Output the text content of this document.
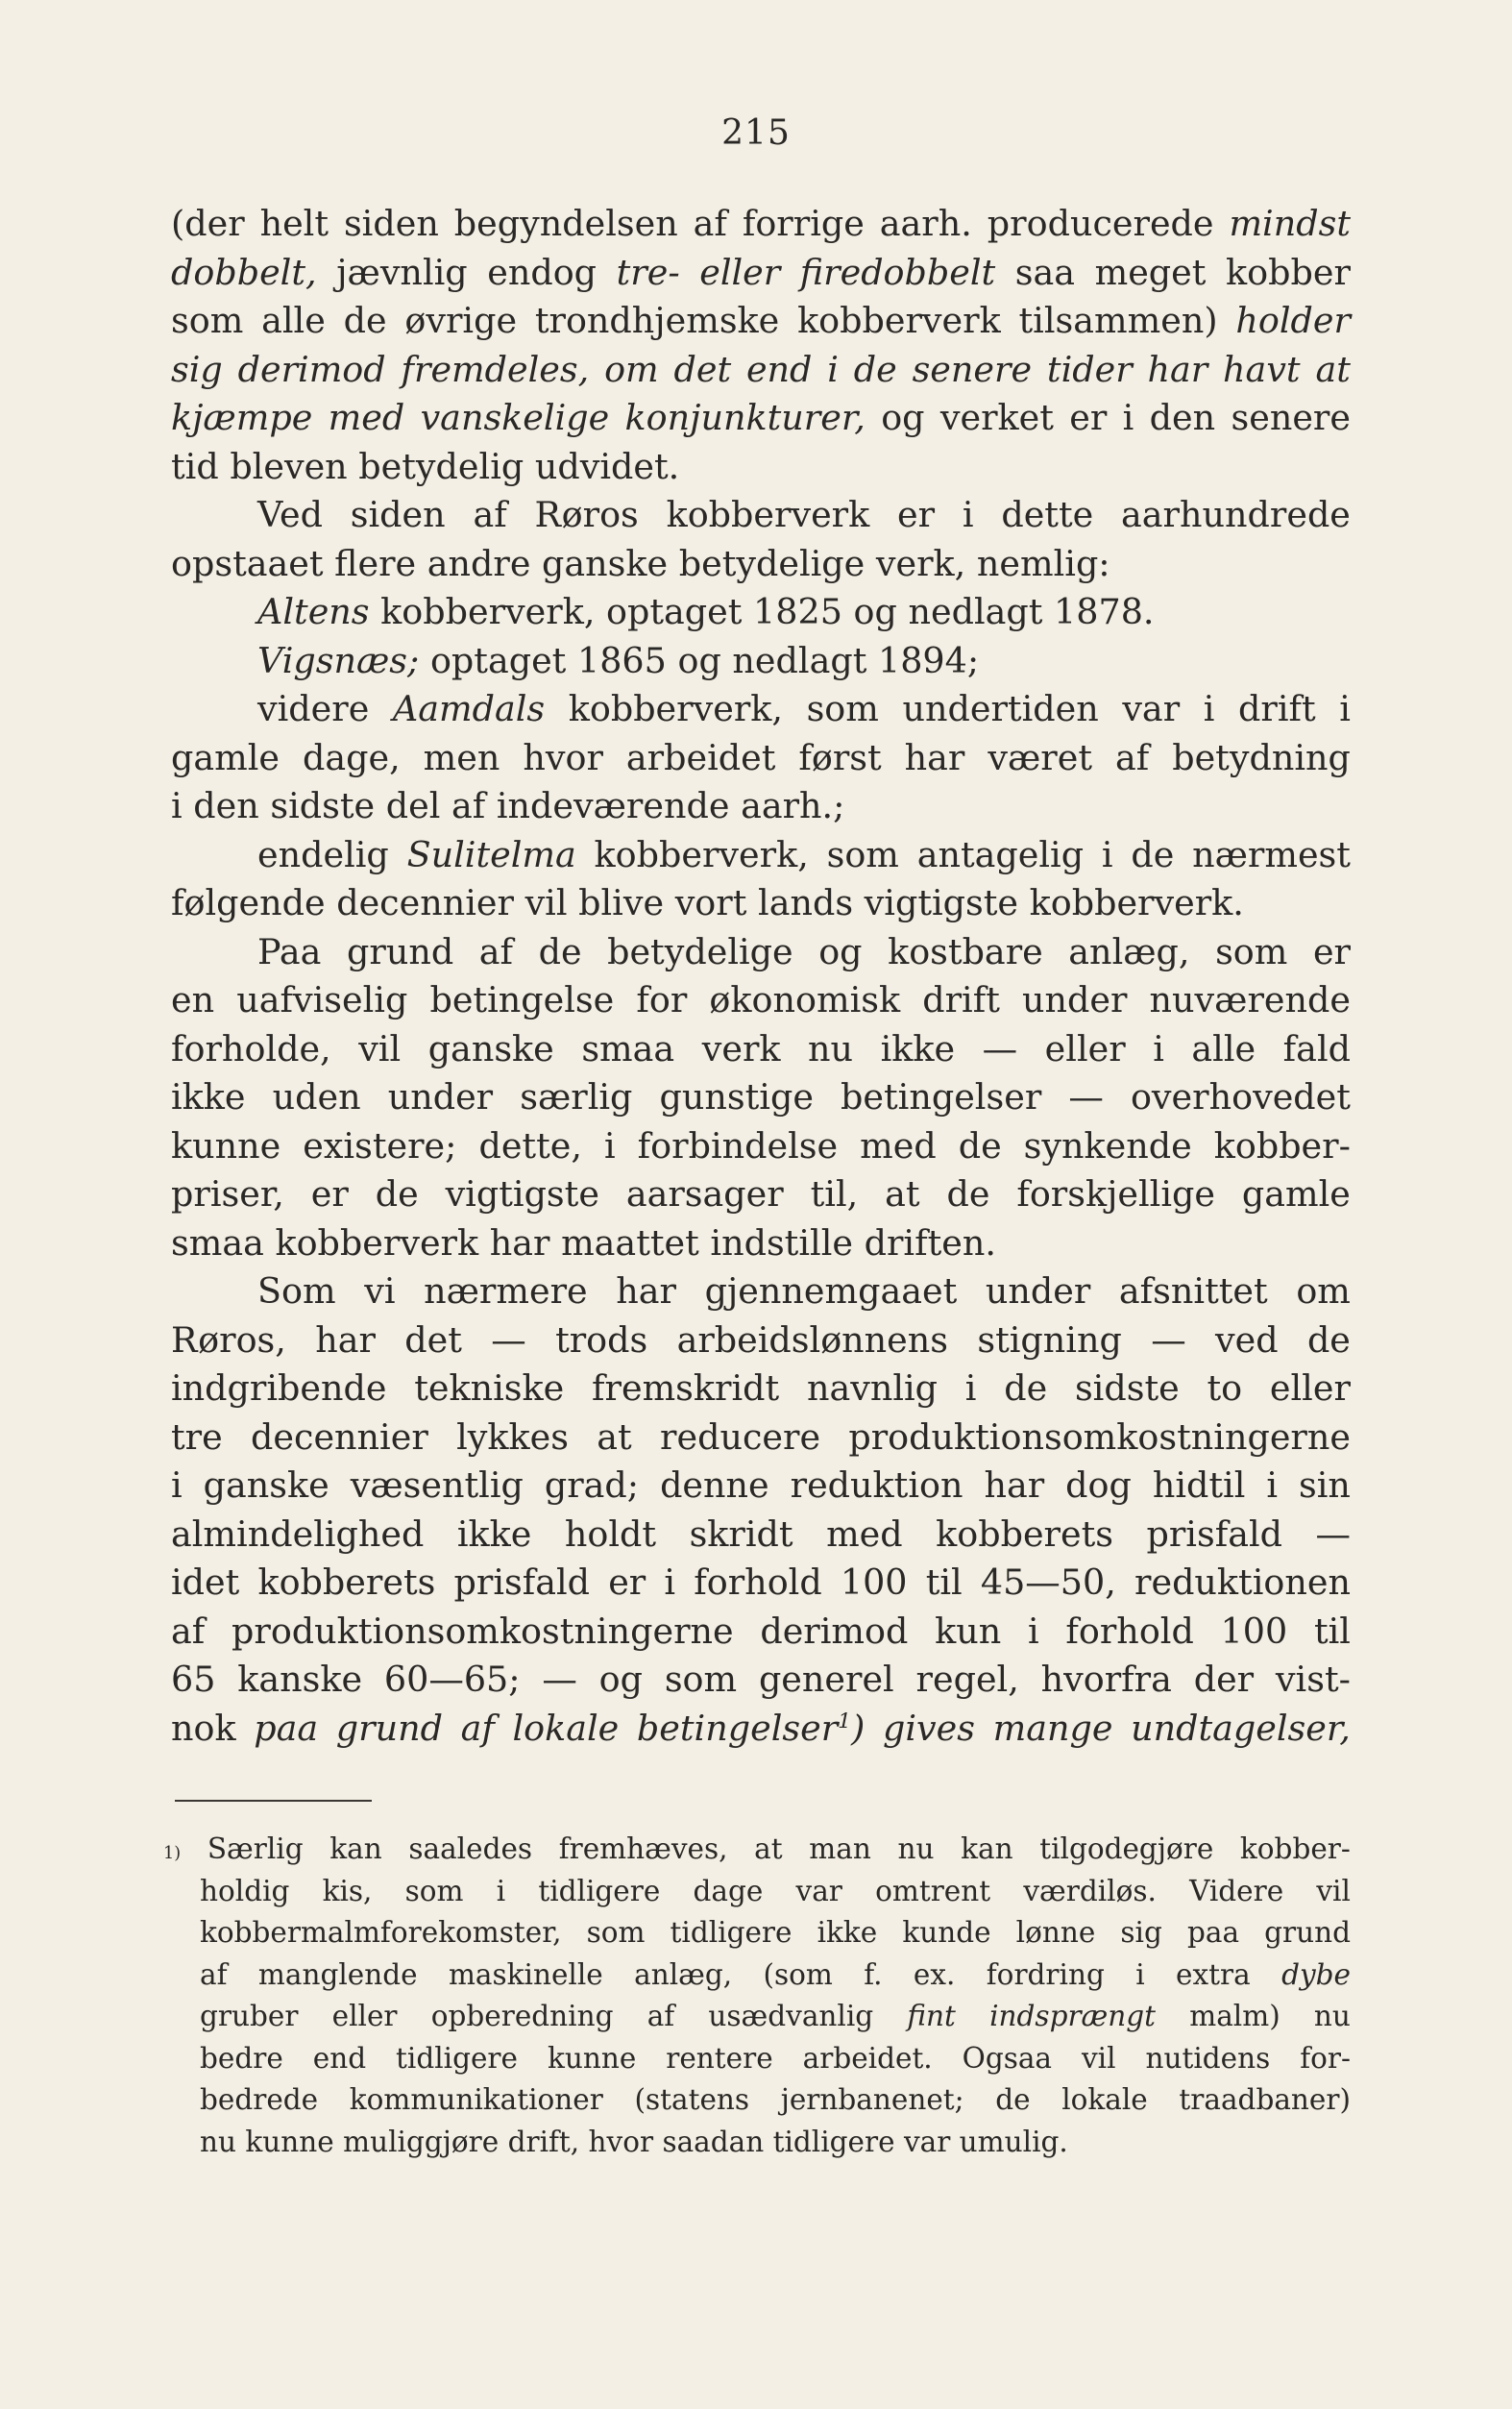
215
(der helt siden begyndelsen af forrige aarh. producerede mindst
dobbelt, jævnlig endog tre- eller firedobbelt saa meget kobber
som alle de øvrige trondhjemske kobberverk tilsammen) holder
sig derimod fremdeles, om det end i de senere tider har havt at
kjæmpe med vanskelige konjunkturer, og verket er i den senere
tid bleven betydelig udvidet.
Ved siden af Røros kobberverk er i dette aarhundrede
opstaaet flere andre ganske betydelige verk, nemlig:
Altens kobberverk, optaget 1825 og nedlagt 1878.
Vigsnæs; optaget 1865 og nedlagt 1894;
videre Aamdals kobberverk, som undertiden var i drift i
gamle dage, men hvor arbeidet først har været af betydning
i den sidste del af indeværende aarh.;
endelig Sulitelma kobberverk, som antagelig i de nærmest
følgende decennier vil blive vort lands vigtigste kobberverk.
Paa grund af de betydelige og kostbare anlæg, som er
en uafviselig betingelse for økonomisk drift under nuværende
forholde, vil ganske smaa verk nu ikke — eller i alle fald
ikke uden under særlig gunstige betingelser — overhovedet
kunne existere; dette, i forbindelse med de synkende kobber-
priser, er de vigtigste aarsager til, at de forskjellige gamle
smaa kobberverk har maattet indstille driften.
Som vi nærmere har gjennemgaaet under afsnittet om
Røros, har det — trods arbeidslønnens stigning — ved de
indgribende tekniske fremskridt navnlig i de sidste to eller
tre decennier lykkes at reducere produktionsomkostningerne
i ganske væsentlig grad; denne reduktion har dog hidtil i sin
almindelighed ikke holdt skridt med kobberets prisfald —
idet kobberets prisfald er i forhold 100 til 45—50, reduktionen
af produktionsomkostningerne derimod kun i forhold 100 til
65 kanske 60—65; — og som generel regel, hvorfra der vist-
nok paa grund af lokale betingelser$^1$) gives mange undtagelser,
1) Særlig kan saaledes fremhæves, at man nu kan tilgodegjøre kobber-
holdig kis, som i tidligere dage var omtrent værdiløs. Videre vil
kobbermalmforekomster, som tidligere ikke kunde lønne sig paa grund
af manglende maskinelle anlæg, (som f. ex. fordring i extra dybe
gruber eller opberedning af usædvanlig fint indsprængt malm) nu
bedre end tidligere kunne rentere arbeidet. Ogsaa vil nutidens for-
bedrede kommunikationer (statens jernbanenet; de lokale traadbaner)
nu kunne muliggjøre drift, hvor saadan tidligere var umulig.
